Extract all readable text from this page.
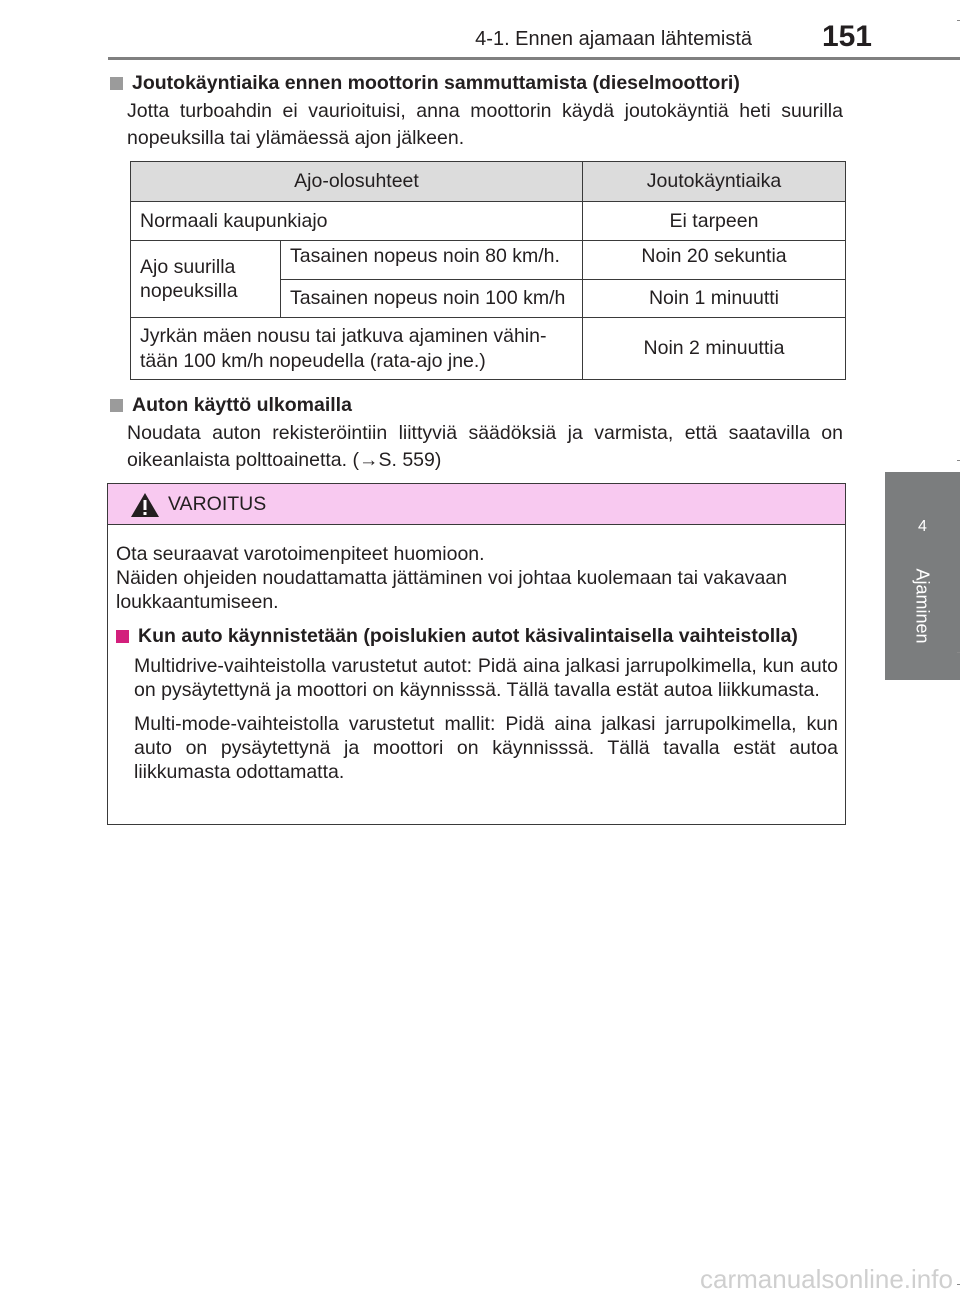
4-1. Ennen ajamaan lähtemistä 151
4
Ajaminen
Joutokäyntiaika ennen moottorin sammuttamista (dieselmoottori)
Jotta turboahdin ei vaurioituisi, anna moottorin käydä joutokäyntiä heti suurilla nopeuksilla tai ylämäessä ajon jälkeen.
Ajo-olosuhteet		Joutokäyntiaika
Normaali kaupunkiajo		Ei tarpeen
Ajo suurilla nopeuksilla	Tasainen nopeus noin 80 km/h.	Noin 20 sekuntia
	Tasainen nopeus noin 100 km/h	Noin 1 minuutti
Jyrkän mäen nousu tai jatkuva ajaminen vähin-
tään 100 km/h nopeudella (rata-ajo jne.)		Noin 2 minuuttia
Auton käyttö ulkomailla
Noudata auton rekisteröintiin liittyviä säädöksiä ja varmista, että saatavilla on oikeanlaista polttoainetta. (→S. 559)
VAROITUS
Ota seuraavat varotoimenpiteet huomioon.
Näiden ohjeiden noudattamatta jättäminen voi johtaa kuolemaan tai vakavaan loukkaantumiseen.
Kun auto käynnistetään (poislukien autot käsivalintaisella vaihteistolla)
Multidrive-vaihteistolla varustetut autot: Pidä aina jalkasi jarrupolkimella, kun auto on pysäytettynä ja moottori on käynnisssä. Tällä tavalla estät autoa liikkumasta.
Multi-mode-vaihteistolla varustetut mallit: Pidä aina jalkasi jarrupolkimella, kun auto on pysäytettynä ja moottori on käynnisssä. Tällä tavalla estät autoa liikkumasta odottamatta.
carmanualsonline.info
